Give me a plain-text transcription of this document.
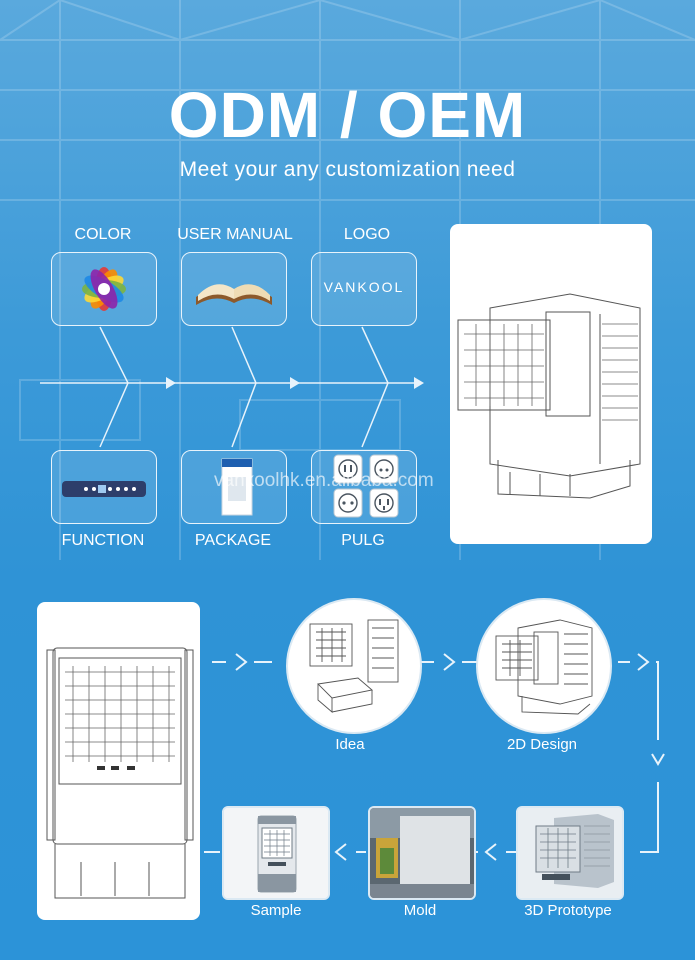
ODM / OEM
Meet your any customization need
COLOR	USER MANUAL	LOGO
VANKOOL
FUNCTION	PACKAGE	PULG
vankoolhk.en.alibaba.com
Idea	2D Design
3D Prototype
Mold
Sample
